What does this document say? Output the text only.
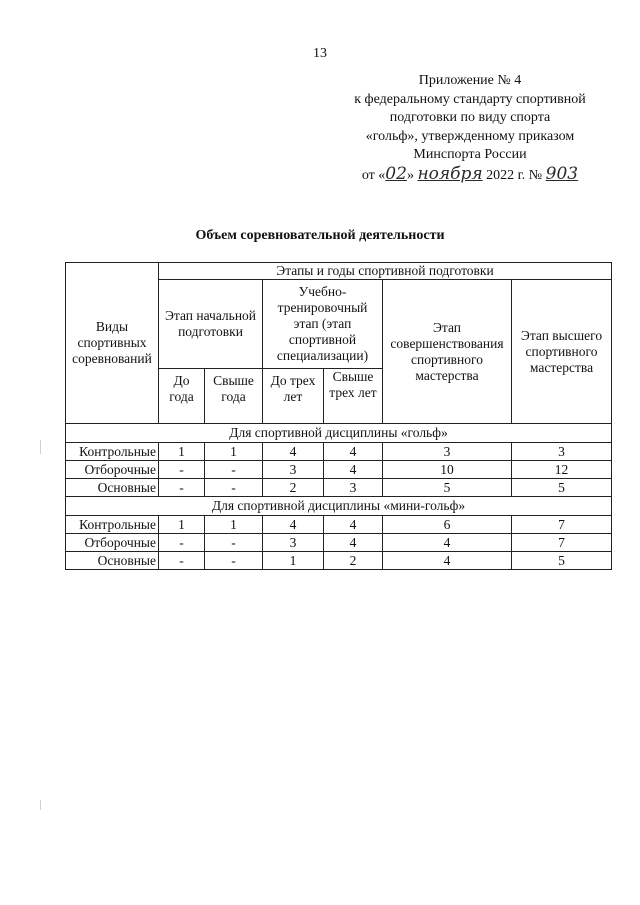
13
Приложение № 4
к федеральному стандарту спортивной
подготовки по виду спорта
«гольф», утвержденному приказом
Минспорта России
от «02» ноября 2022 г. № 903
Объем соревновательной деятельности
Виды спортивных соревнований	Этапы и годы спортивной подготовки					
	Этап начальной подготовки		Учебно-тренировочный этап (этап спортивной специализации)		Этап совершенствования спортивного мастерства	Этап высшего спортивного мастерства
	До года	Свыше года	До трех лет	Свыше трех лет		
Для спортивной дисциплины «гольф»						
Контрольные	1	1	4	4	3	3
Отборочные	-	-	3	4	10	12
Основные	-	-	2	3	5	5
Для спортивной дисциплины «мини-гольф»						
Контрольные	1	1	4	4	6	7
Отборочные	-	-	3	4	4	7
Основные	-	-	1	2	4	5
